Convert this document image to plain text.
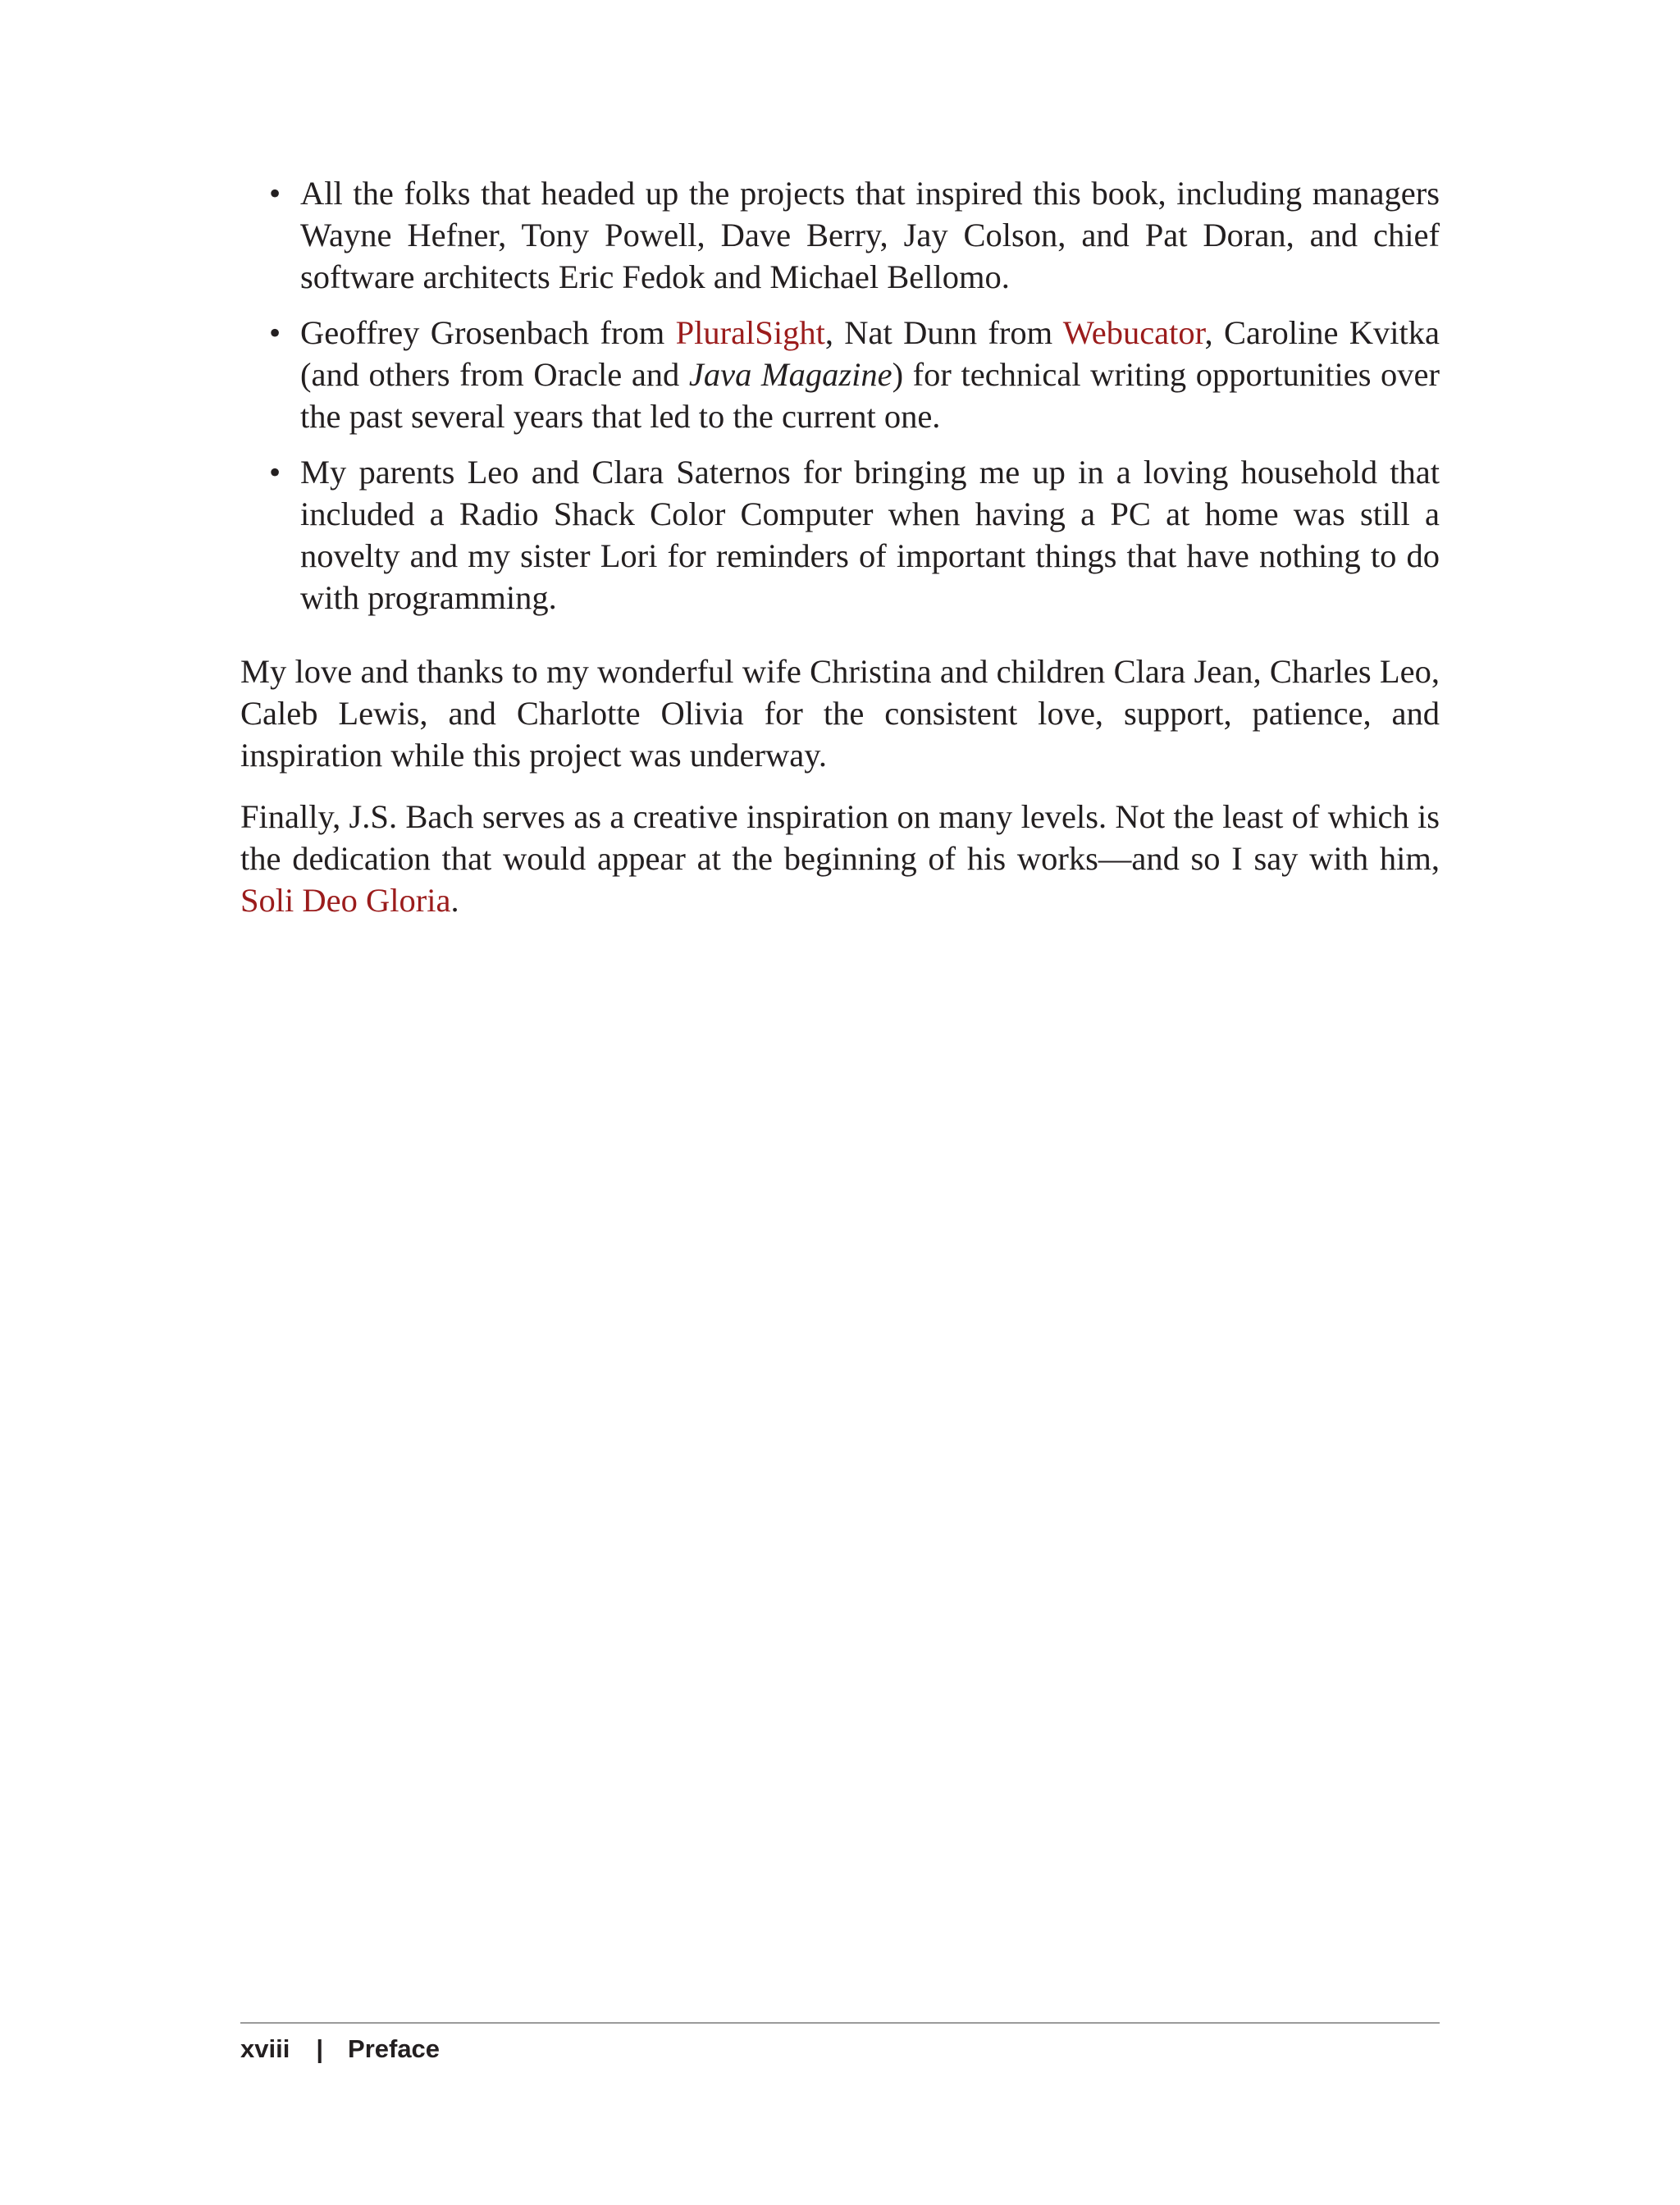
• All the folks that headed up the projects that inspired this book, including managers Wayne Hefner, Tony Powell, Dave Berry, Jay Colson, and Pat Doran, and chief software architects Eric Fedok and Michael Bellomo.
• Geoffrey Grosenbach from PluralSight, Nat Dunn from Webucator, Caroline Kvitka (and others from Oracle and Java Magazine) for technical writing opportunities over the past several years that led to the current one.
• My parents Leo and Clara Saternos for bringing me up in a loving household that included a Radio Shack Color Computer when having a PC at home was still a novelty and my sister Lori for reminders of important things that have nothing to do with programming.

My love and thanks to my wonderful wife Christina and children Clara Jean, Charles Leo, Caleb Lewis, and Charlotte Olivia for the consistent love, support, patience, and inspiration while this project was underway.

Finally, J.S. Bach serves as a creative inspiration on many levels. Not the least of which is the dedication that would appear at the beginning of his works—and so I say with him, Soli Deo Gloria.

xviii | Preface
